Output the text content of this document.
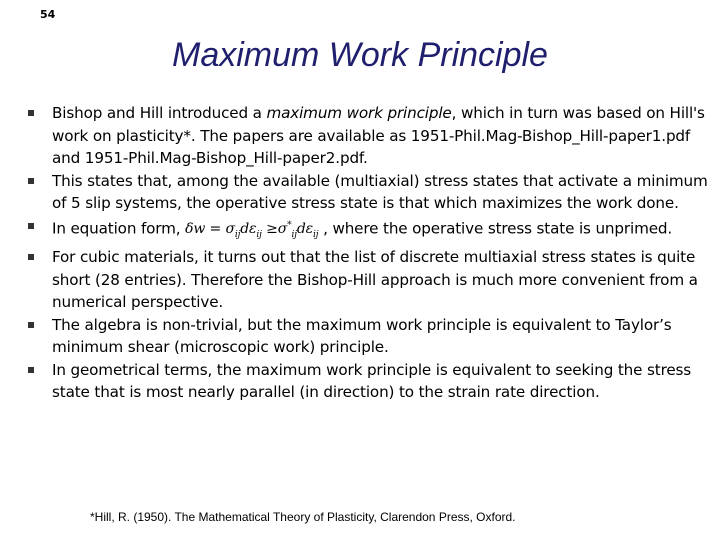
54
Maximum Work Principle
Bishop and Hill introduced a maximum work principle, which in turn was based on Hill's work on plasticity*. The papers are available as 1951-Phil.Mag-Bishop_Hill-paper1.pdf and 1951-Phil.Mag-Bishop_Hill-paper2.pdf.
This states that, among the available (multiaxial) stress states that activate a minimum of 5 slip systems, the operative stress state is that which maximizes the work done.
In equation form, $\delta w = \sigma_{ij}d\varepsilon_{ij} \ge\sigma^*_{ij}d\varepsilon_{ij}$ , where the operative stress state is unprimed.
For cubic materials, it turns out that the list of discrete multiaxial stress states is quite short (28 entries). Therefore the Bishop-Hill approach is much more convenient from a numerical perspective.
The algebra is non-trivial, but the maximum work principle is equivalent to Taylor’s minimum shear (microscopic work) principle.
In geometrical terms, the maximum work principle is equivalent to seeking the stress state that is most nearly parallel (in direction) to the strain rate direction.
*Hill, R. (1950). The Mathematical Theory of Plasticity, Clarendon Press, Oxford.
